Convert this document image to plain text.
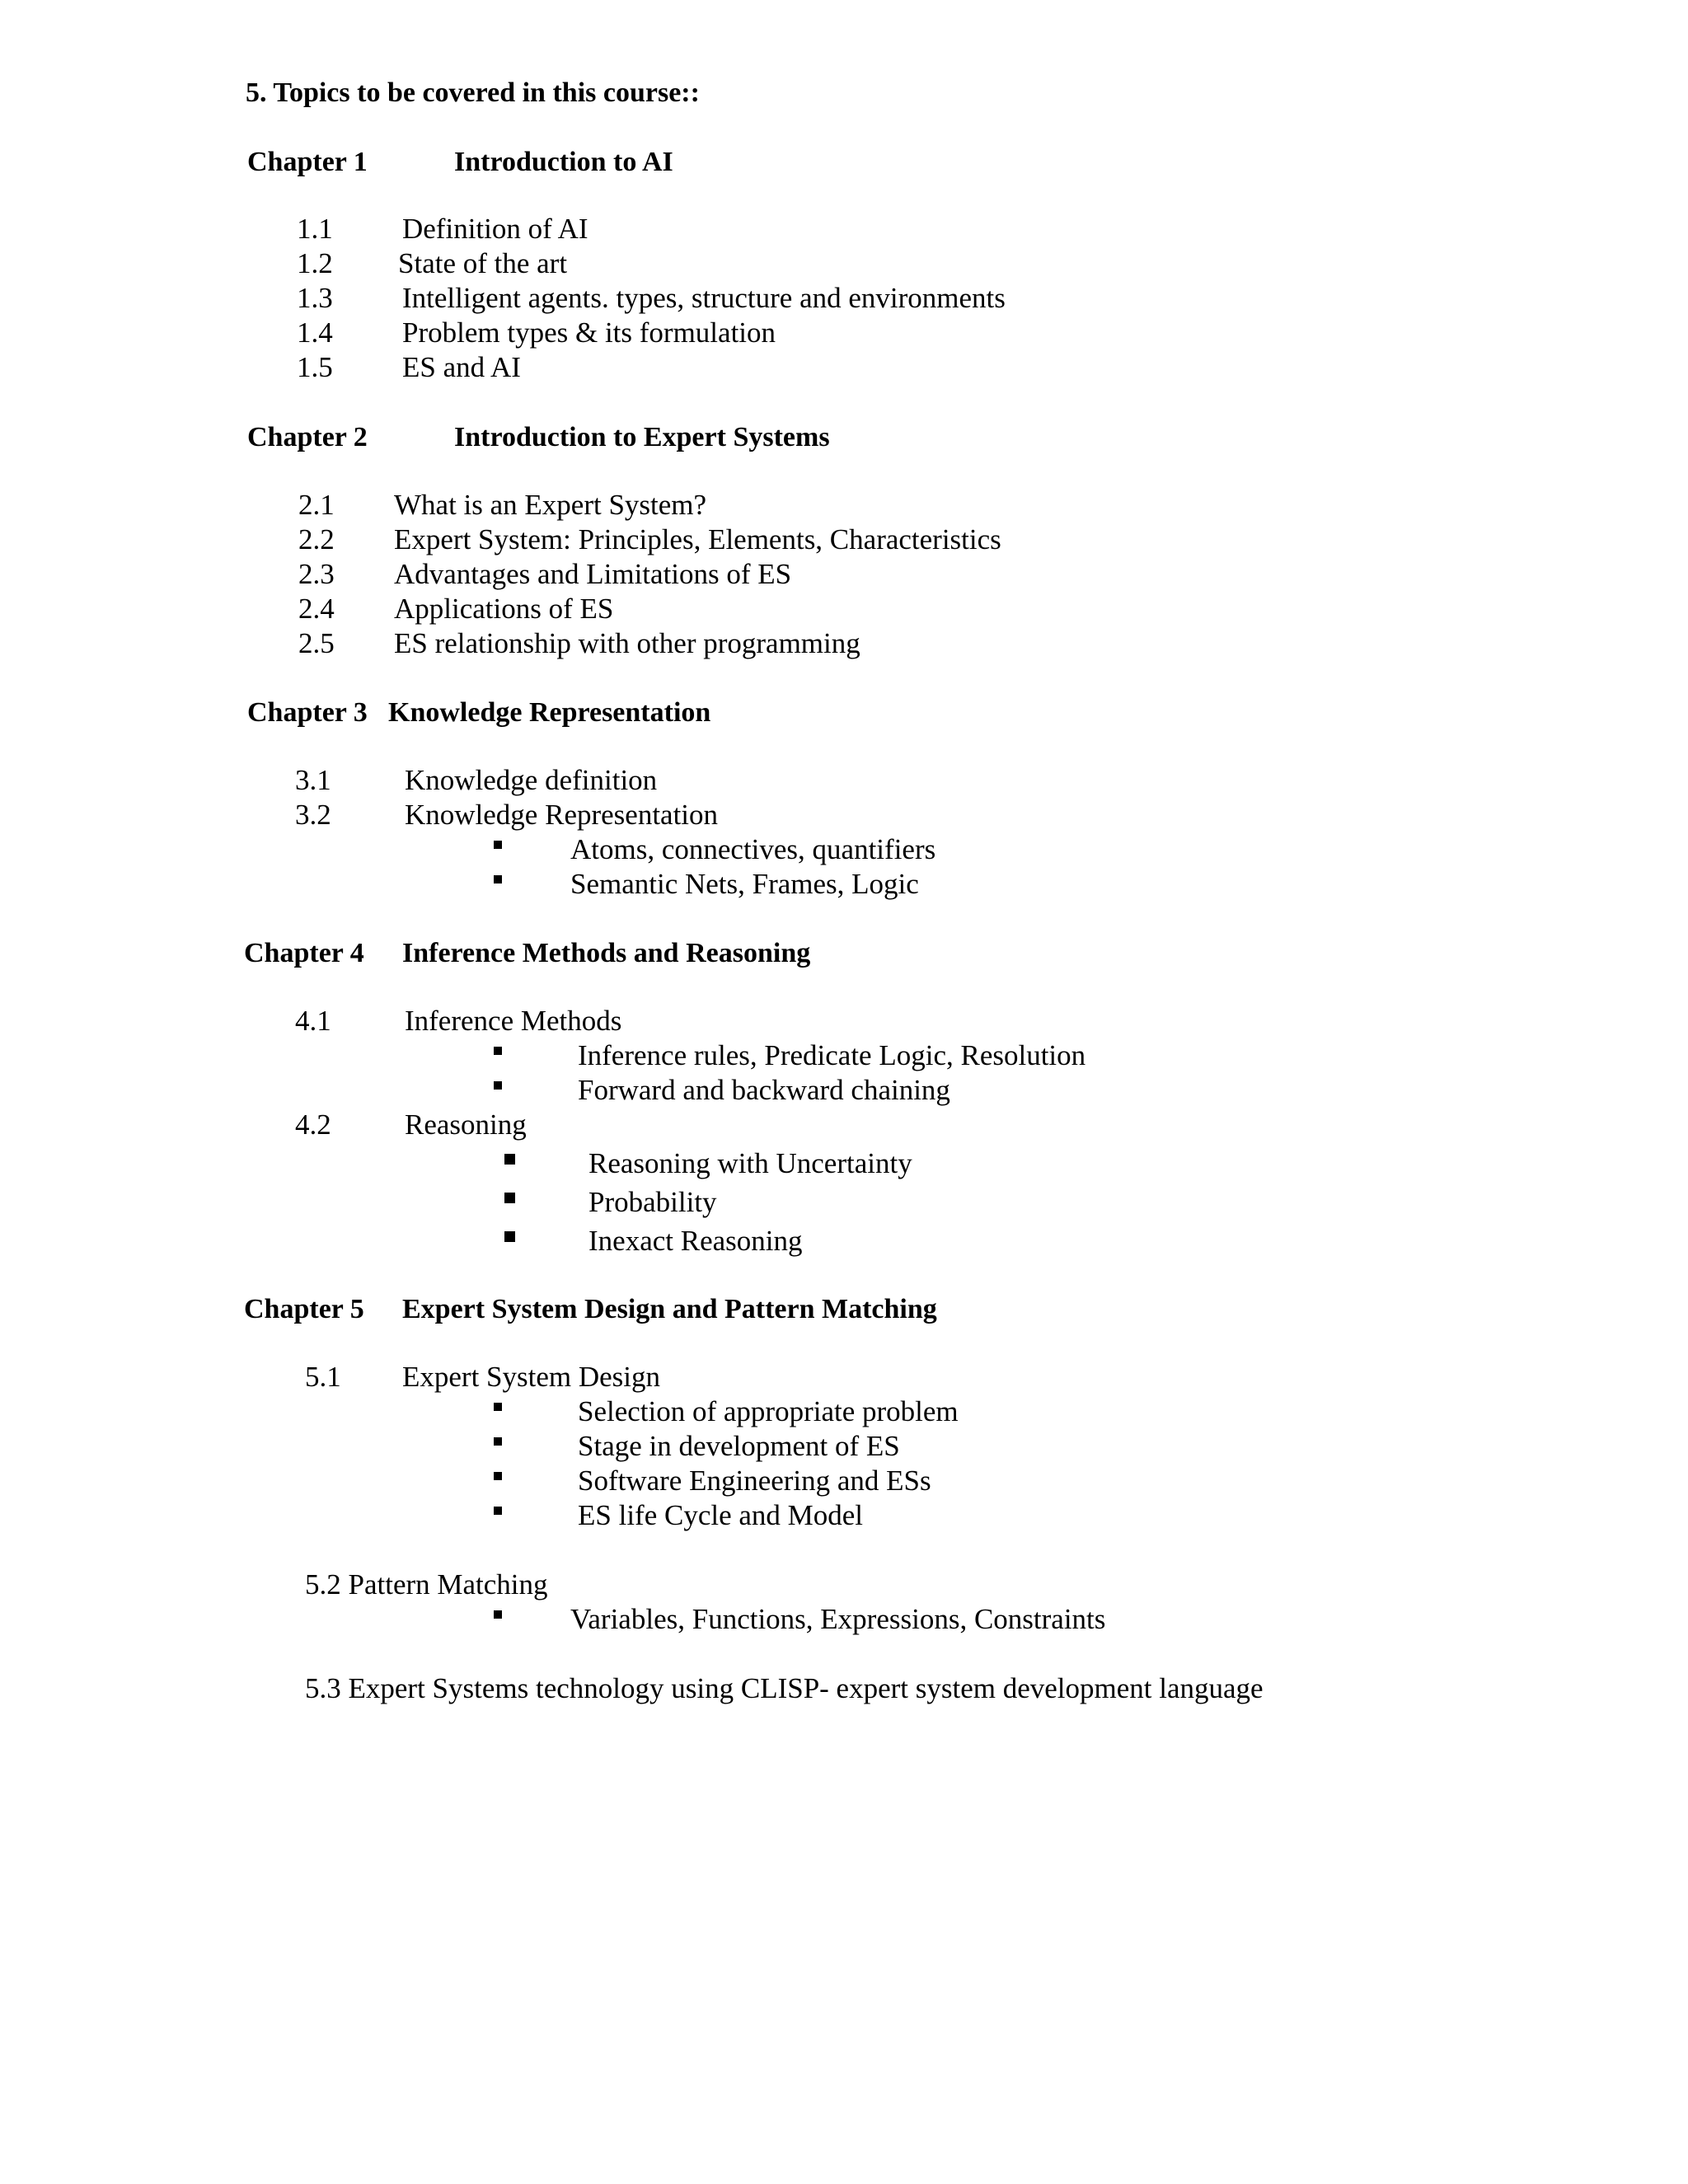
5. Topics to be covered in this course::
Chapter 1	Introduction to AI
1.1 Definition of AI
1.2 State of the art
1.3 Intelligent agents. types, structure and environments
1.4 Problem types & its formulation
1.5 ES and AI
Chapter 2	Introduction to Expert Systems
2.1 What is an Expert System?
2.2 Expert System: Principles, Elements, Characteristics
2.3 Advantages and Limitations of ES
2.4 Applications of ES
2.5 ES relationship with other programming
Chapter 3 Knowledge Representation
3.1	Knowledge definition
3.2	Knowledge Representation
Atoms, connectives, quantifiers
Semantic Nets, Frames, Logic
Chapter 4 Inference Methods and Reasoning
4.1	Inference Methods
Inference rules, Predicate Logic, Resolution
Forward and backward chaining
4.2	Reasoning
Reasoning with Uncertainty
Probability
Inexact Reasoning
Chapter 5 Expert System Design and Pattern Matching
5.1 Expert System Design
Selection of appropriate problem
Stage in development of ES
Software Engineering and ESs
ES life Cycle and Model
5.2 Pattern Matching
Variables, Functions, Expressions, Constraints
5.3 Expert Systems technology using CLISP- expert system development language
